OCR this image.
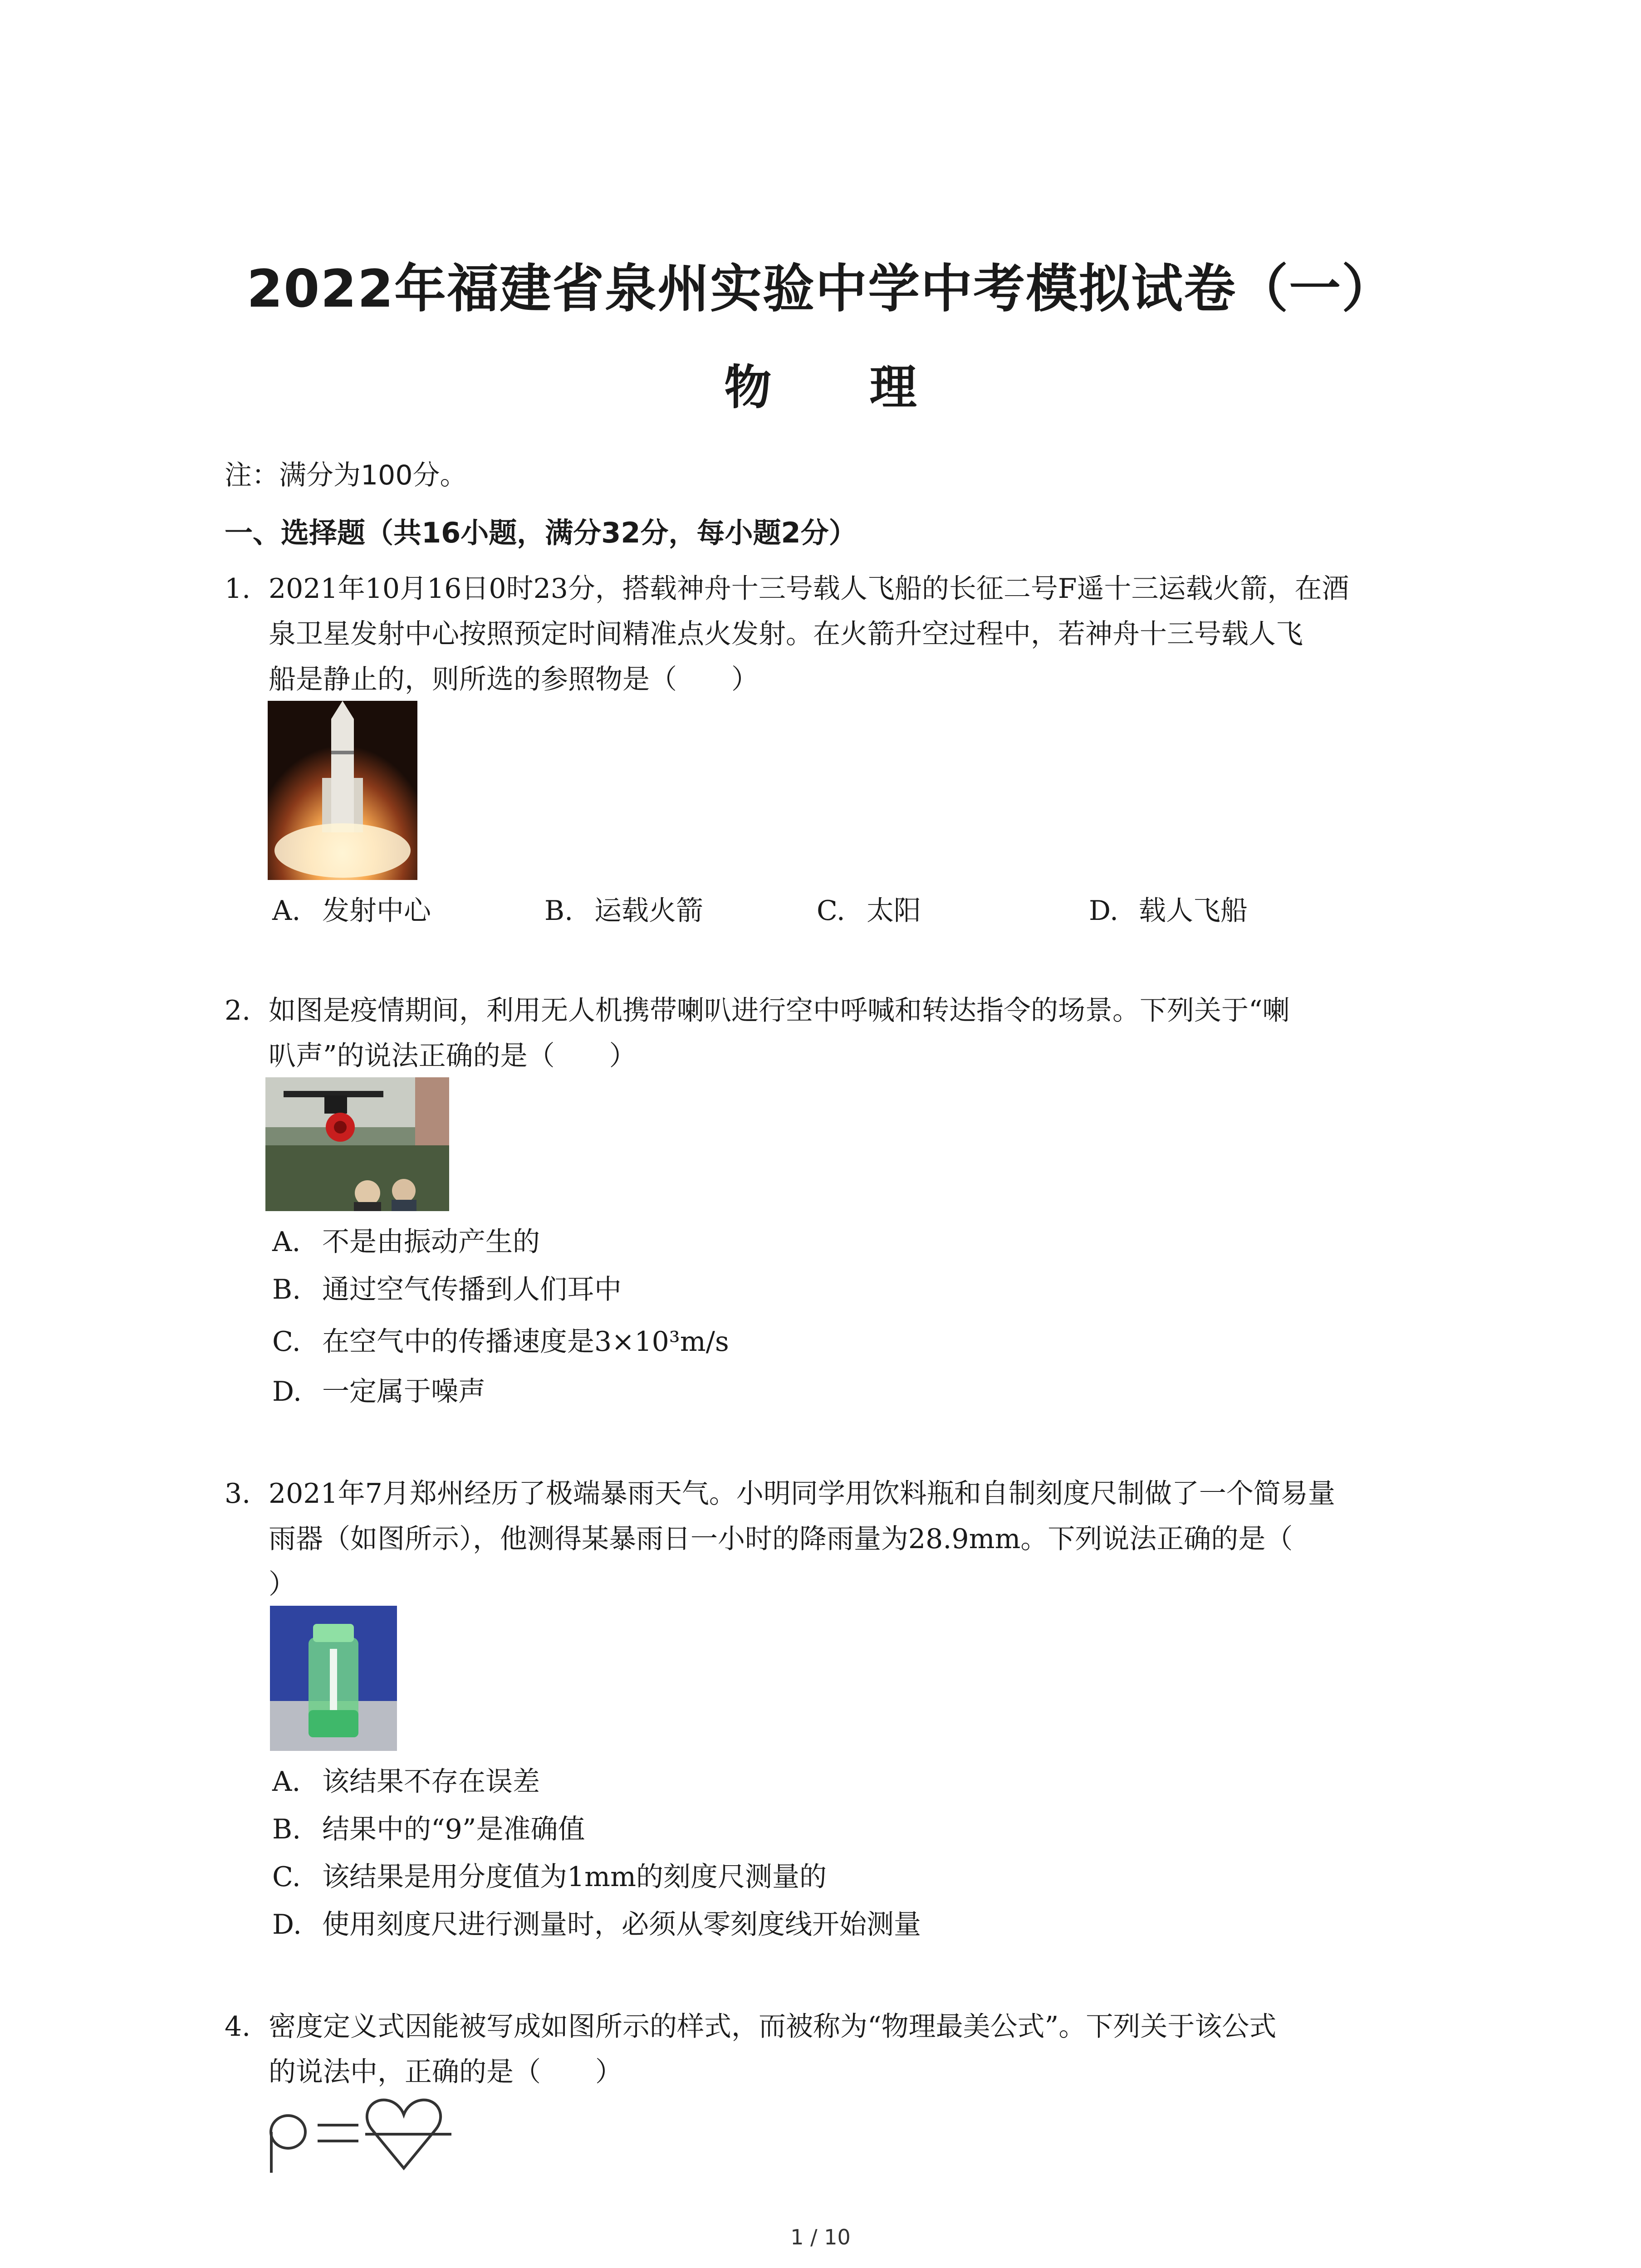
2022年福建省泉州实验中学中考模拟试卷（一）
物 理
注：满分为100分。
一、选择题（共16小题，满分32分，每小题2分）
1. 2021年10月16日0时23分，搭载神舟十三号载人飞船的长征二号F遥十三运载火箭，在酒
泉卫星发射中心按照预定时间精准点火发射。在火箭升空过程中，若神舟十三号载人飞
船是静止的，则所选的参照物是（　　）
A. 发射中心	B. 运载火箭	C. 太阳	D. 载人飞船
2. 如图是疫情期间，利用无人机携带喇叭进行空中呼喊和转达指令的场景。下列关于“喇
叭声”的说法正确的是（　　）
A. 不是由振动产生的
B. 通过空气传播到人们耳中
C. 在空气中的传播速度是3×10³m/s
D. 一定属于噪声
3. 2021年7月郑州经历了极端暴雨天气。小明同学用饮料瓶和自制刻度尺制做了一个简易量
雨器（如图所示），他测得某暴雨日一小时的降雨量为28.9mm。下列说法正确的是（
）
A. 该结果不存在误差
B. 结果中的“9”是准确值
C. 该结果是用分度值为1mm的刻度尺测量的
D. 使用刻度尺进行测量时，必须从零刻度线开始测量
4. 密度定义式因能被写成如图所示的样式，而被称为“物理最美公式”。下列关于该公式
的说法中，正确的是（　　）
1 / 10
